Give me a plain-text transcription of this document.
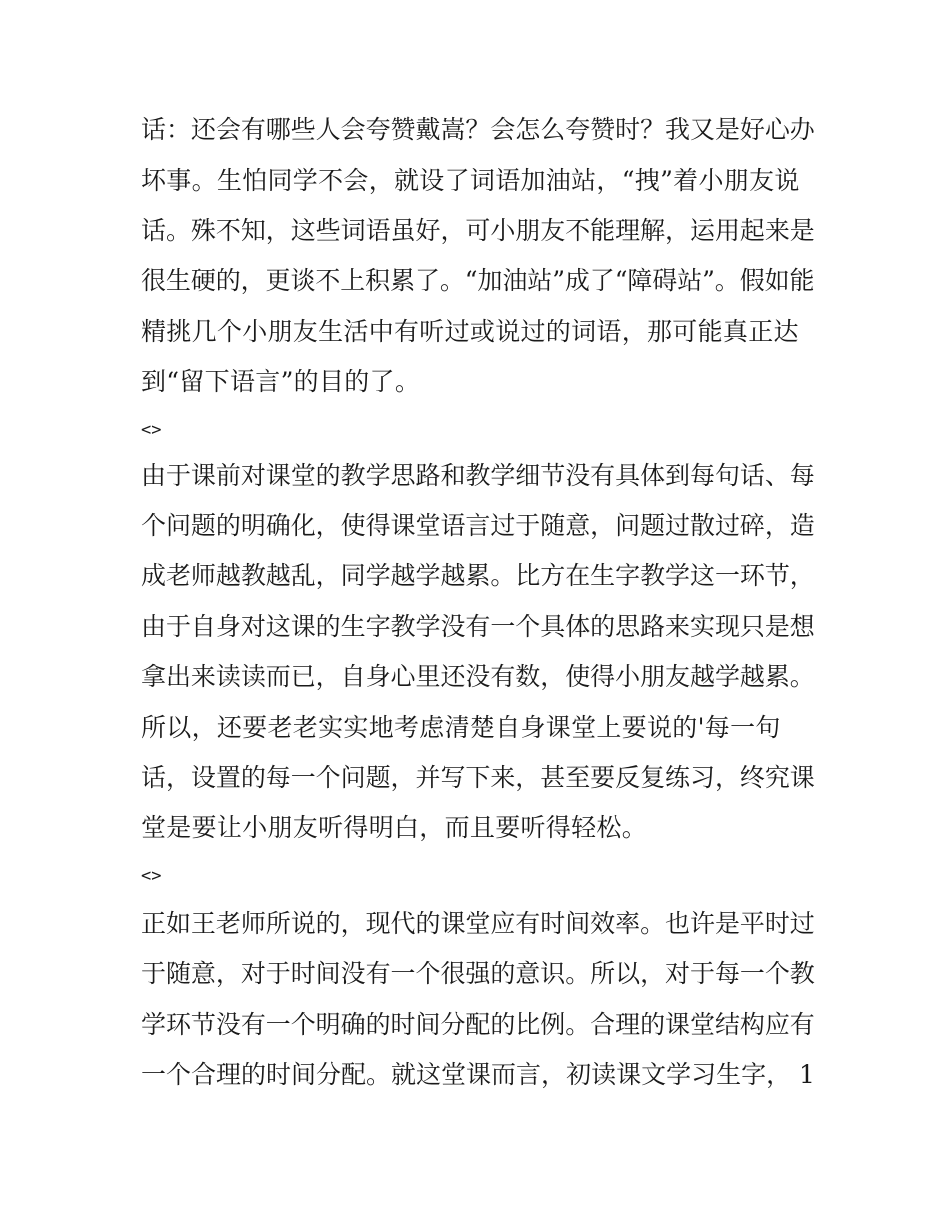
话：还会有哪些人会夸赞戴嵩？会怎么夸赞时？我又是好心办
坏事。生怕同学不会，就设了词语加油站，“拽”着小朋友说
话。殊不知，这些词语虽好，可小朋友不能理解，运用起来是
很生硬的，更谈不上积累了。“加油站”成了“障碍站”。假如能
精挑几个小朋友生活中有听过或说过的词语，那可能真正达
到“留下语言”的目的了。
<>
由于课前对课堂的教学思路和教学细节没有具体到每句话、每
个问题的明确化，使得课堂语言过于随意，问题过散过碎，造
成老师越教越乱，同学越学越累。比方在生字教学这一环节，
由于自身对这课的生字教学没有一个具体的思路来实现只是想
拿出来读读而已，自身心里还没有数，使得小朋友越学越累。
所以，还要老老实实地考虑清楚自身课堂上要说的'每一句
话，设置的每一个问题，并写下来，甚至要反复练习，终究课
堂是要让小朋友听得明白，而且要听得轻松。
<>
正如王老师所说的，现代的课堂应有时间效率。也许是平时过
于随意，对于时间没有一个很强的意识。所以，对于每一个教
学环节没有一个明确的时间分配的比例。合理的课堂结构应有
一个合理的时间分配。就这堂课而言，初读课文学习生字， 1
